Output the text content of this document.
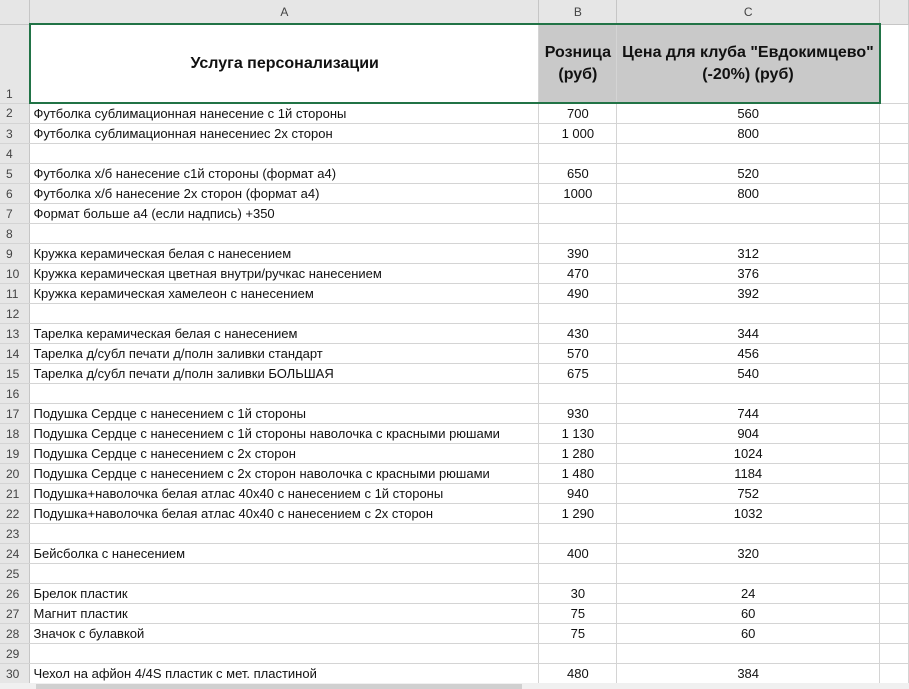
	A	B	C	
1	Услуга персонализации	Розница (руб)	Цена для клуба "Евдокимцево" (-20%) (руб)	
2	Футболка сублимационная нанесение с 1й стороны	700	560	
3	Футболка сублимационная нанесениес 2х сторон	1 000	800	
4				
5	Футболка х/б нанесение с1й стороны (формат а4)	650	520	
6	Футболка х/б нанесение 2х сторон (формат а4)	1000	800	
7	Формат больше а4 (если надпись) +350			
8				
9	Кружка керамическая белая с нанесением	390	312	
10	Кружка керамическая цветная внутри/ручкас нанесением	470	376	
11	Кружка керамическая хамелеон с нанесением	490	392	
12				
13	Тарелка керамическая белая с нанесением	430	344	
14	Тарелка д/субл печати д/полн заливки стандарт	570	456	
15	Тарелка д/субл печати д/полн заливки БОЛЬШАЯ	675	540	
16				
17	Подушка Сердце с нанесением с 1й стороны	930	744	
18	Подушка Сердце с нанесением с 1й стороны наволочка с красными рюшами	1 130	904	
19	Подушка Сердце с нанесением с 2х сторон	1 280	1024	
20	Подушка Сердце с нанесением с 2х сторон наволочка с красными рюшами	1 480	1184	
21	Подушка+наволочка белая атлас 40х40 с нанесением с 1й стороны	940	752	
22	Подушка+наволочка белая атлас 40х40 с нанесением с 2х сторон	1 290	1032	
23				
24	Бейсболка с нанесением	400	320	
25				
26	Брелок пластик	30	24	
27	Магнит пластик	75	60	
28	Значок с булавкой	75	60	
29				
30	Чехол на афйон 4/4S пластик с мет. пластиной	480	384	
